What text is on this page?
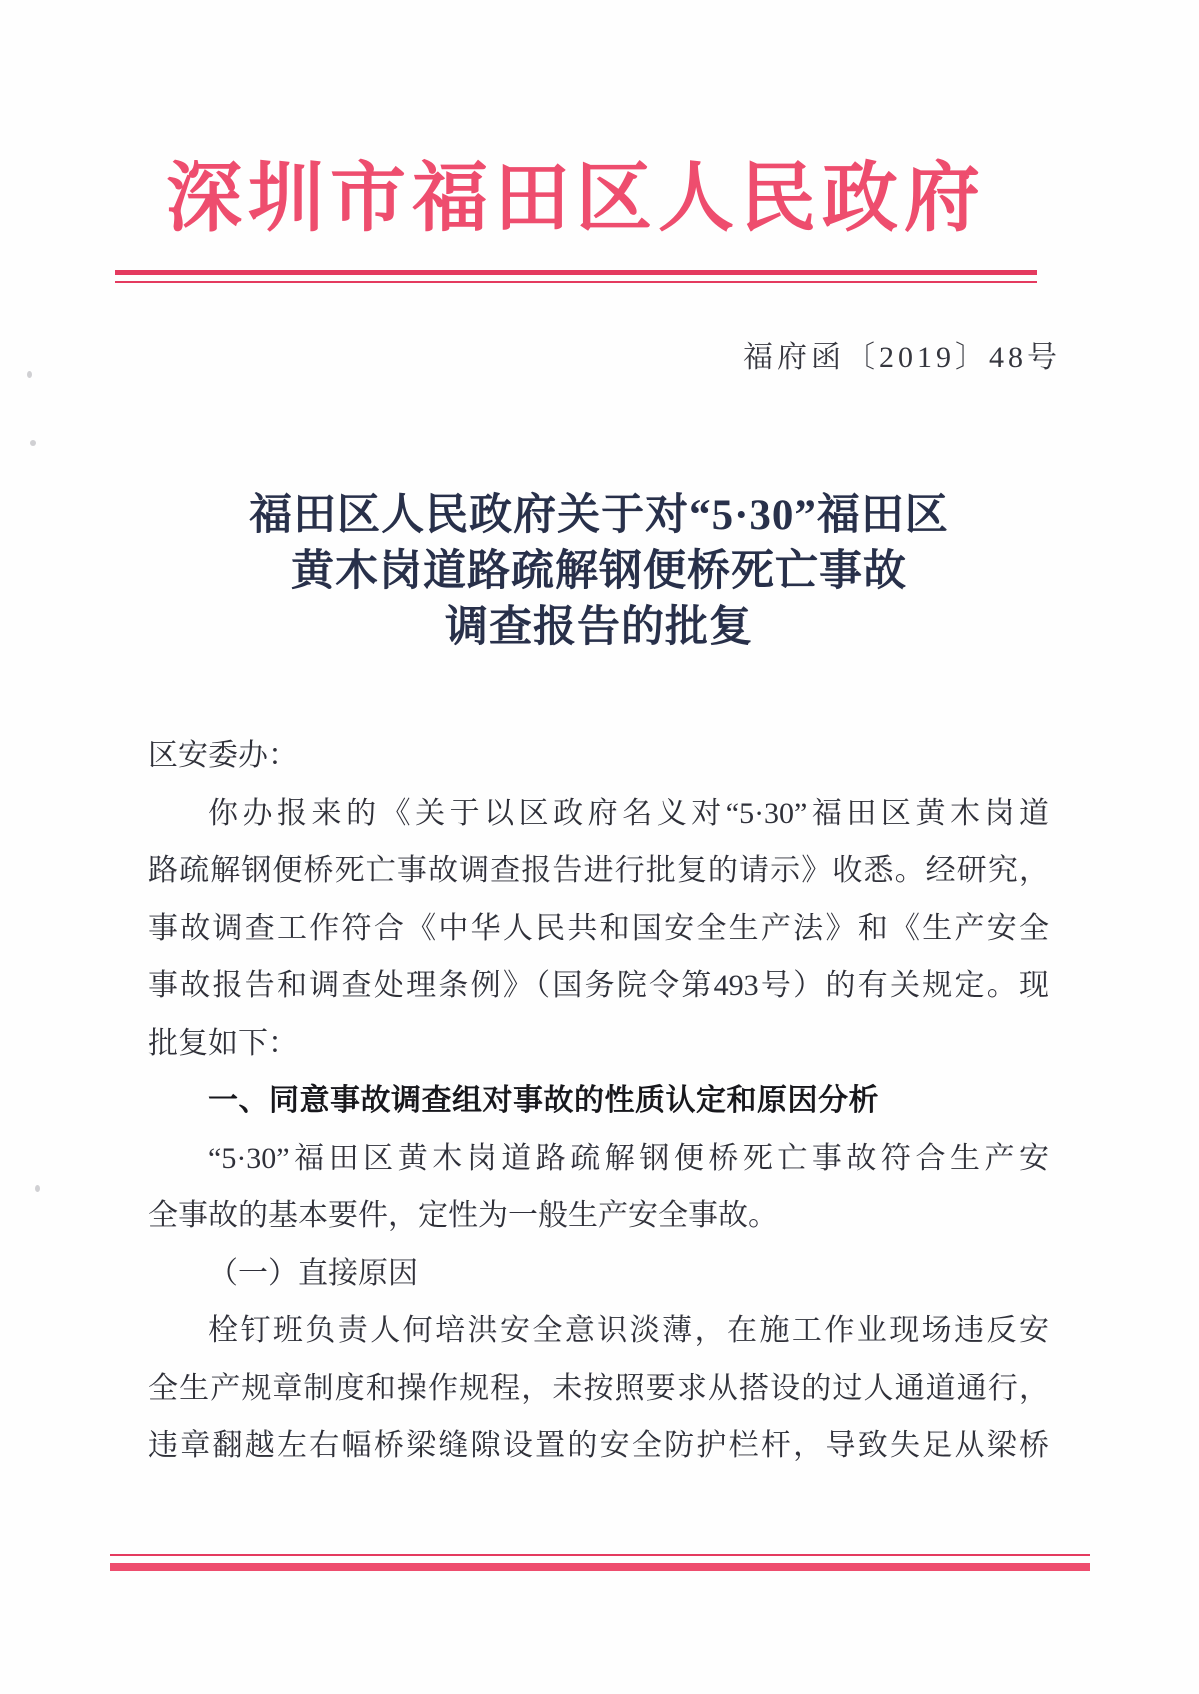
深圳市福田区人民政府
福府函〔2019〕48号
福田区人民政府关于对“5·30”福田区
黄木岗道路疏解钢便桥死亡事故
调查报告的批复
区安委办：
你办报来的《关于以区政府名义对“5·30”福田区黄木岗道
路疏解钢便桥死亡事故调查报告进行批复的请示》收悉。经研究，
事故调查工作符合《中华人民共和国安全生产法》和《生产安全
事故报告和调查处理条例》（国务院令第493号）的有关规定。现
批复如下：
一、同意事故调查组对事故的性质认定和原因分析
“5·30”福田区黄木岗道路疏解钢便桥死亡事故符合生产安
全事故的基本要件，定性为一般生产安全事故。
（一）直接原因
栓钉班负责人何培洪安全意识淡薄，在施工作业现场违反安
全生产规章制度和操作规程，未按照要求从搭设的过人通道通行，
违章翻越左右幅桥梁缝隙设置的安全防护栏杆，导致失足从梁桥
